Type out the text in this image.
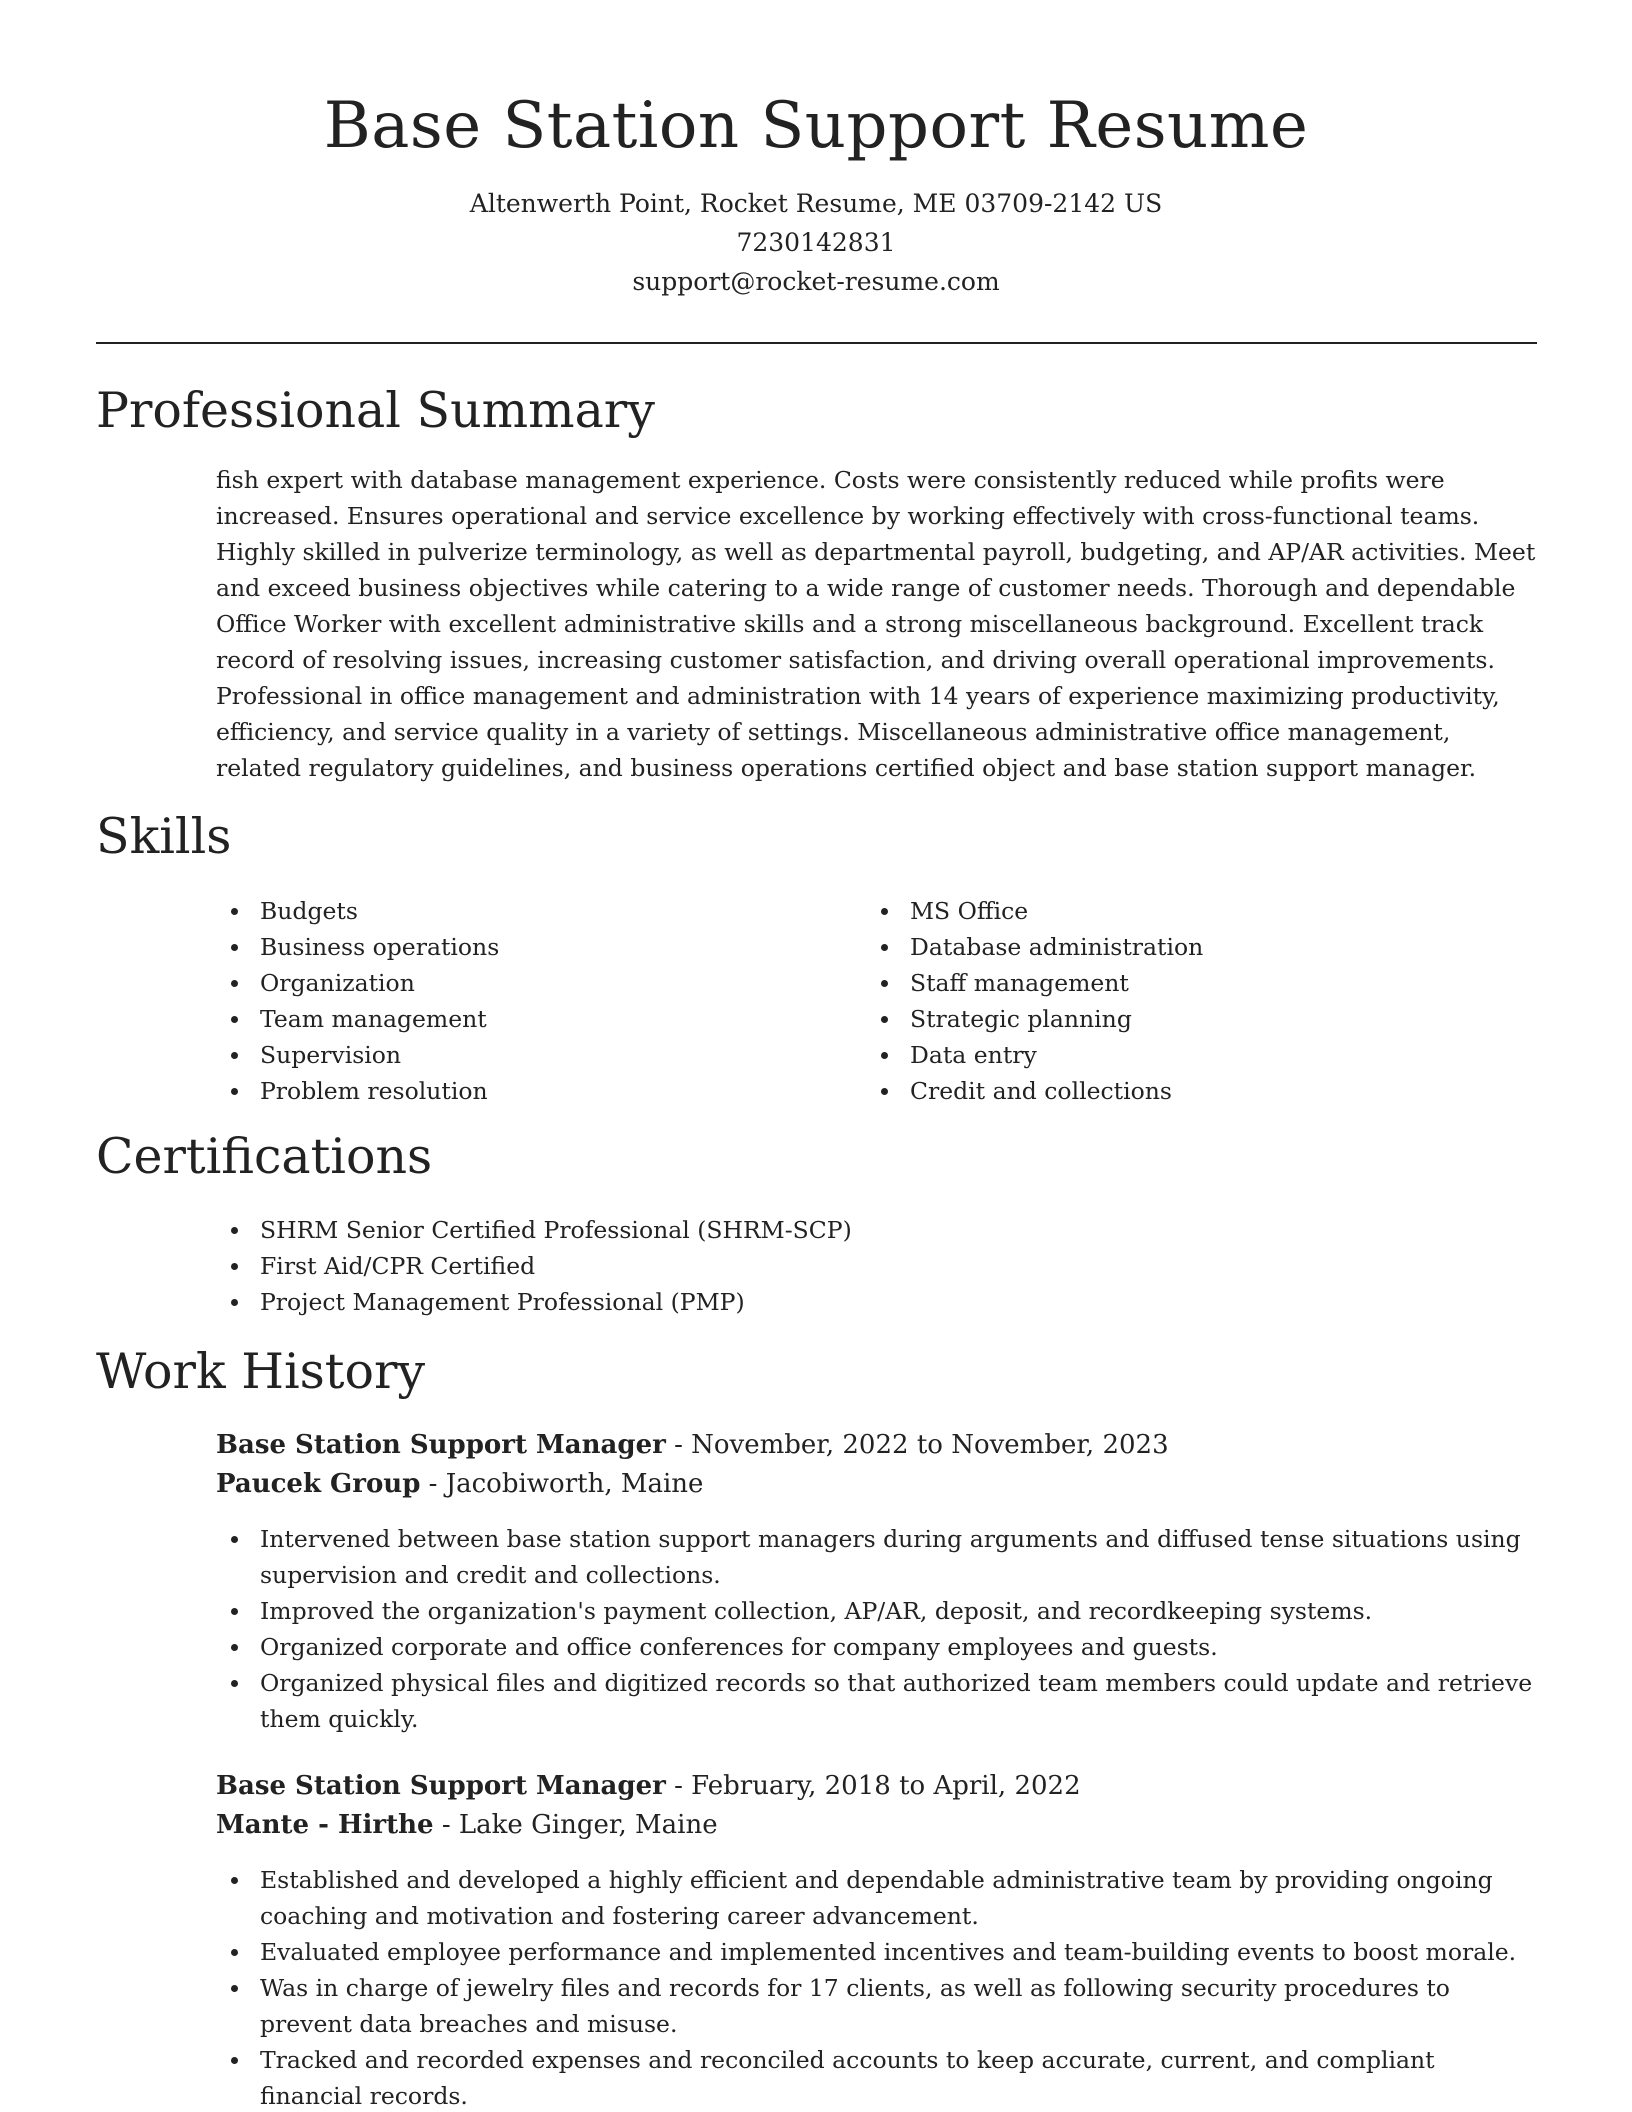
Base Station Support Resume
Altenwerth Point, Rocket Resume, ME 03709-2142 US
7230142831
support@rocket-resume.com
Professional Summary

fish expert with database management experience. Costs were consistently reduced while profits were increased. Ensures operational and service excellence by working effectively with cross-functional teams. Highly skilled in pulverize terminology, as well as departmental payroll, budgeting, and AP/AR activities. Meet and exceed business objectives while catering to a wide range of customer needs. Thorough and dependable Office Worker with excellent administrative skills and a strong miscellaneous background. Excellent track record of resolving issues, increasing customer satisfaction, and driving overall operational improvements. Professional in office management and administration with 14 years of experience maximizing productivity, efficiency, and service quality in a variety of settings. Miscellaneous administrative office management, related regulatory guidelines, and business operations certified object and base station support manager.

Skills
Budgets
Business operations
Organization
Team management
Supervision
Problem resolution
MS Office
Database administration
Staff management
Strategic planning
Data entry
Credit and collections
Certifications
SHRM Senior Certified Professional (SHRM-SCP)
First Aid/CPR Certified
Project Management Professional (PMP)
Work History
Base Station Support Manager - November, 2022 to November, 2023
Paucek Group - Jacobiworth, Maine
Intervened between base station support managers during arguments and diffused tense situations using supervision and credit and collections.
Improved the organization's payment collection, AP/AR, deposit, and recordkeeping systems.
Organized corporate and office conferences for company employees and guests.
Organized physical files and digitized records so that authorized team members could update and retrieve them quickly.
Base Station Support Manager - February, 2018 to April, 2022
Mante - Hirthe - Lake Ginger, Maine
Established and developed a highly efficient and dependable administrative team by providing ongoing coaching and motivation and fostering career advancement.
Evaluated employee performance and implemented incentives and team-building events to boost morale.
Was in charge of jewelry files and records for 17 clients, as well as following security procedures to prevent data breaches and misuse.
Tracked and recorded expenses and reconciled accounts to keep accurate, current, and compliant financial records.
